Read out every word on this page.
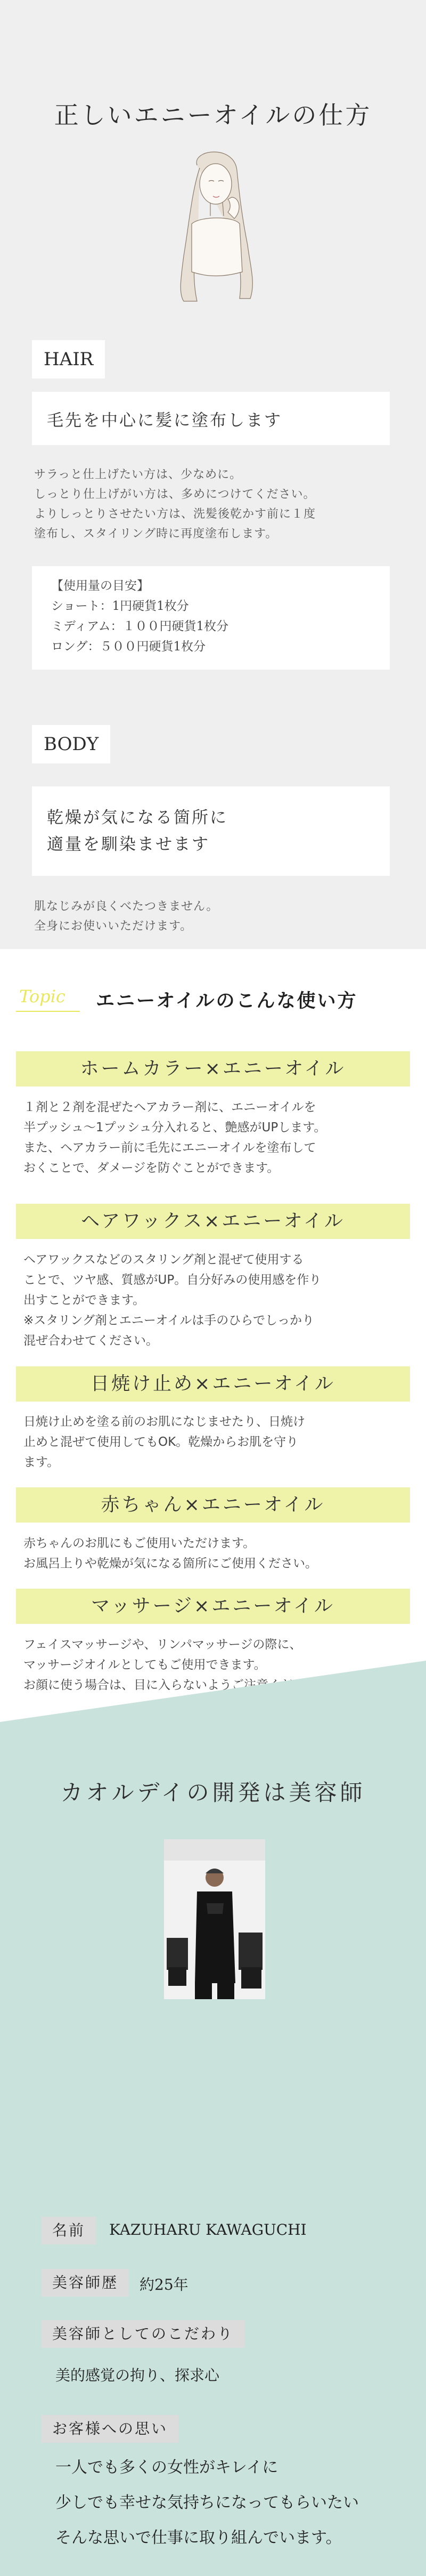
正しいエニーオイルの仕方
HAIR
毛先を中心に髪に塗布します
サラっと仕上げたい方は、少なめに。
しっとり仕上げがい方は、多めにつけてください。
よりしっとりさせたい方は、洗髪後乾かす前に１度
塗布し、スタイリング時に再度塗布します。
【使用量の目安】
ショート：1円硬貨1枚分
ミディアム：１００円硬貨1枚分
ロング：５００円硬貨1枚分
BODY
乾燥が気になる箇所に
適量を馴染ませます
肌なじみが良くべたつきません。
全身にお使いいただけます。
Topic エニーオイルのこんな使い方
ホームカラー×エニーオイル
１剤と２剤を混ぜたヘアカラー剤に、エニーオイルを
半プッシュ〜1プッシュ分入れると、艶感がUPします。
また、ヘアカラー前に毛先にエニーオイルを塗布して
おくことで、ダメージを防ぐことができます。
ヘアワックス×エニーオイル
ヘアワックスなどのスタリング剤と混ぜて使用する
ことで、ツヤ感、質感がUP。自分好みの使用感を作り
出すことができます。
※スタリング剤とエニーオイルは手のひらでしっかり
混ぜ合わせてください。
日焼け止め×エニーオイル
日焼け止めを塗る前のお肌になじませたり、日焼け
止めと混ぜて使用してもOK。乾燥からお肌を守り
ます。
赤ちゃん×エニーオイル
赤ちゃんのお肌にもご使用いただけます。
お風呂上りや乾燥が気になる箇所にご使用ください。
マッサージ×エニーオイル
フェイスマッサージや、リンパマッサージの際に、
マッサージオイルとしてもご使用できます。
お顔に使う場合は、目に入らないようご注意ください。
カオルデイの開発は美容師
名前	KAZUHARU KAWAGUCHI
美容師歴	約25年
美容師としてのこだわり
美的感覚の拘り、探求心
お客様への思い
一人でも多くの女性がキレイに
少しでも幸せな気持ちになってもらいたい
そんな思いで仕事に取り組んでいます。
